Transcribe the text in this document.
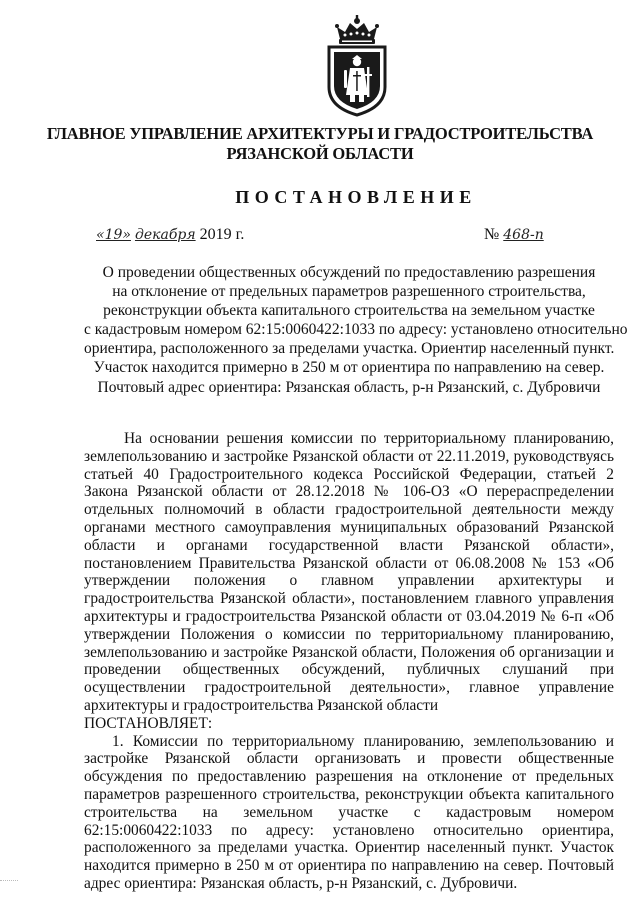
ГЛАВНОЕ УПРАВЛЕНИЕ АРХИТЕКТУРЫ И ГРАДОСТРОИТЕЛЬСТВА
РЯЗАНСКОЙ ОБЛАСТИ
ПОСТАНОВЛЕНИЕ
«19» декабря 2019 г.	№ 468-п
О проведении общественных обсуждений по предоставлению разрешения
на отклонение от предельных параметров разрешенного строительства,
реконструкции объекта капитального строительства на земельном участке
с кадастровым номером 62:15:0060422:1033 по адресу: установлено относительно
ориентира, расположенного за пределами участка. Ориентир населенный пункт.
Участок находится примерно в 250 м от ориентира по направлению на север.
Почтовый адрес ориентира: Рязанская область, р-н Рязанский, с. Дубровичи

На основании решения комиссии по территориальному планированию, землепользованию и застройке Рязанской области от 22.11.2019, руководствуясь статьей 40 Градостроительного кодекса Российской Федерации, статьей 2 Закона Рязанской области от 28.12.2018 № 106-ОЗ «О перераспределении отдельных полномочий в области градостроительной деятельности между органами местного самоуправления муниципальных образований Рязанской области и органами государственной власти Рязанской области», постановлением Правительства Рязанской области от 06.08.2008 № 153 «Об утверждении положения о главном управлении архитектуры и градостроительства Рязанской области», постановлением главного управления архитектуры и градостроительства Рязанской области от 03.04.2019 № 6-п «Об утверждении Положения о комиссии по территориальному планированию, землепользованию и застройке Рязанской области, Положения об организации и проведении общественных обсуждений, публичных слушаний при осуществлении градостроительной деятельности», главное управление архитектуры и градостроительства Рязанской области

ПОСТАНОВЛЯЕТ:

1. Комиссии по территориальному планированию, землепользованию и застройке Рязанской области организовать и провести общественные обсуждения по предоставлению разрешения на отклонение от предельных параметров разрешенного строительства, реконструкции объекта капитального строительства на земельном участке с кадастровым номером 62:15:0060422:1033 по адресу: установлено относительно ориентира, расположенного за пределами участка. Ориентир населенный пункт. Участок находится примерно в 250 м от ориентира по направлению на север. Почтовый адрес ориентира: Рязанская область, р-н Рязанский, с. Дубровичи.
